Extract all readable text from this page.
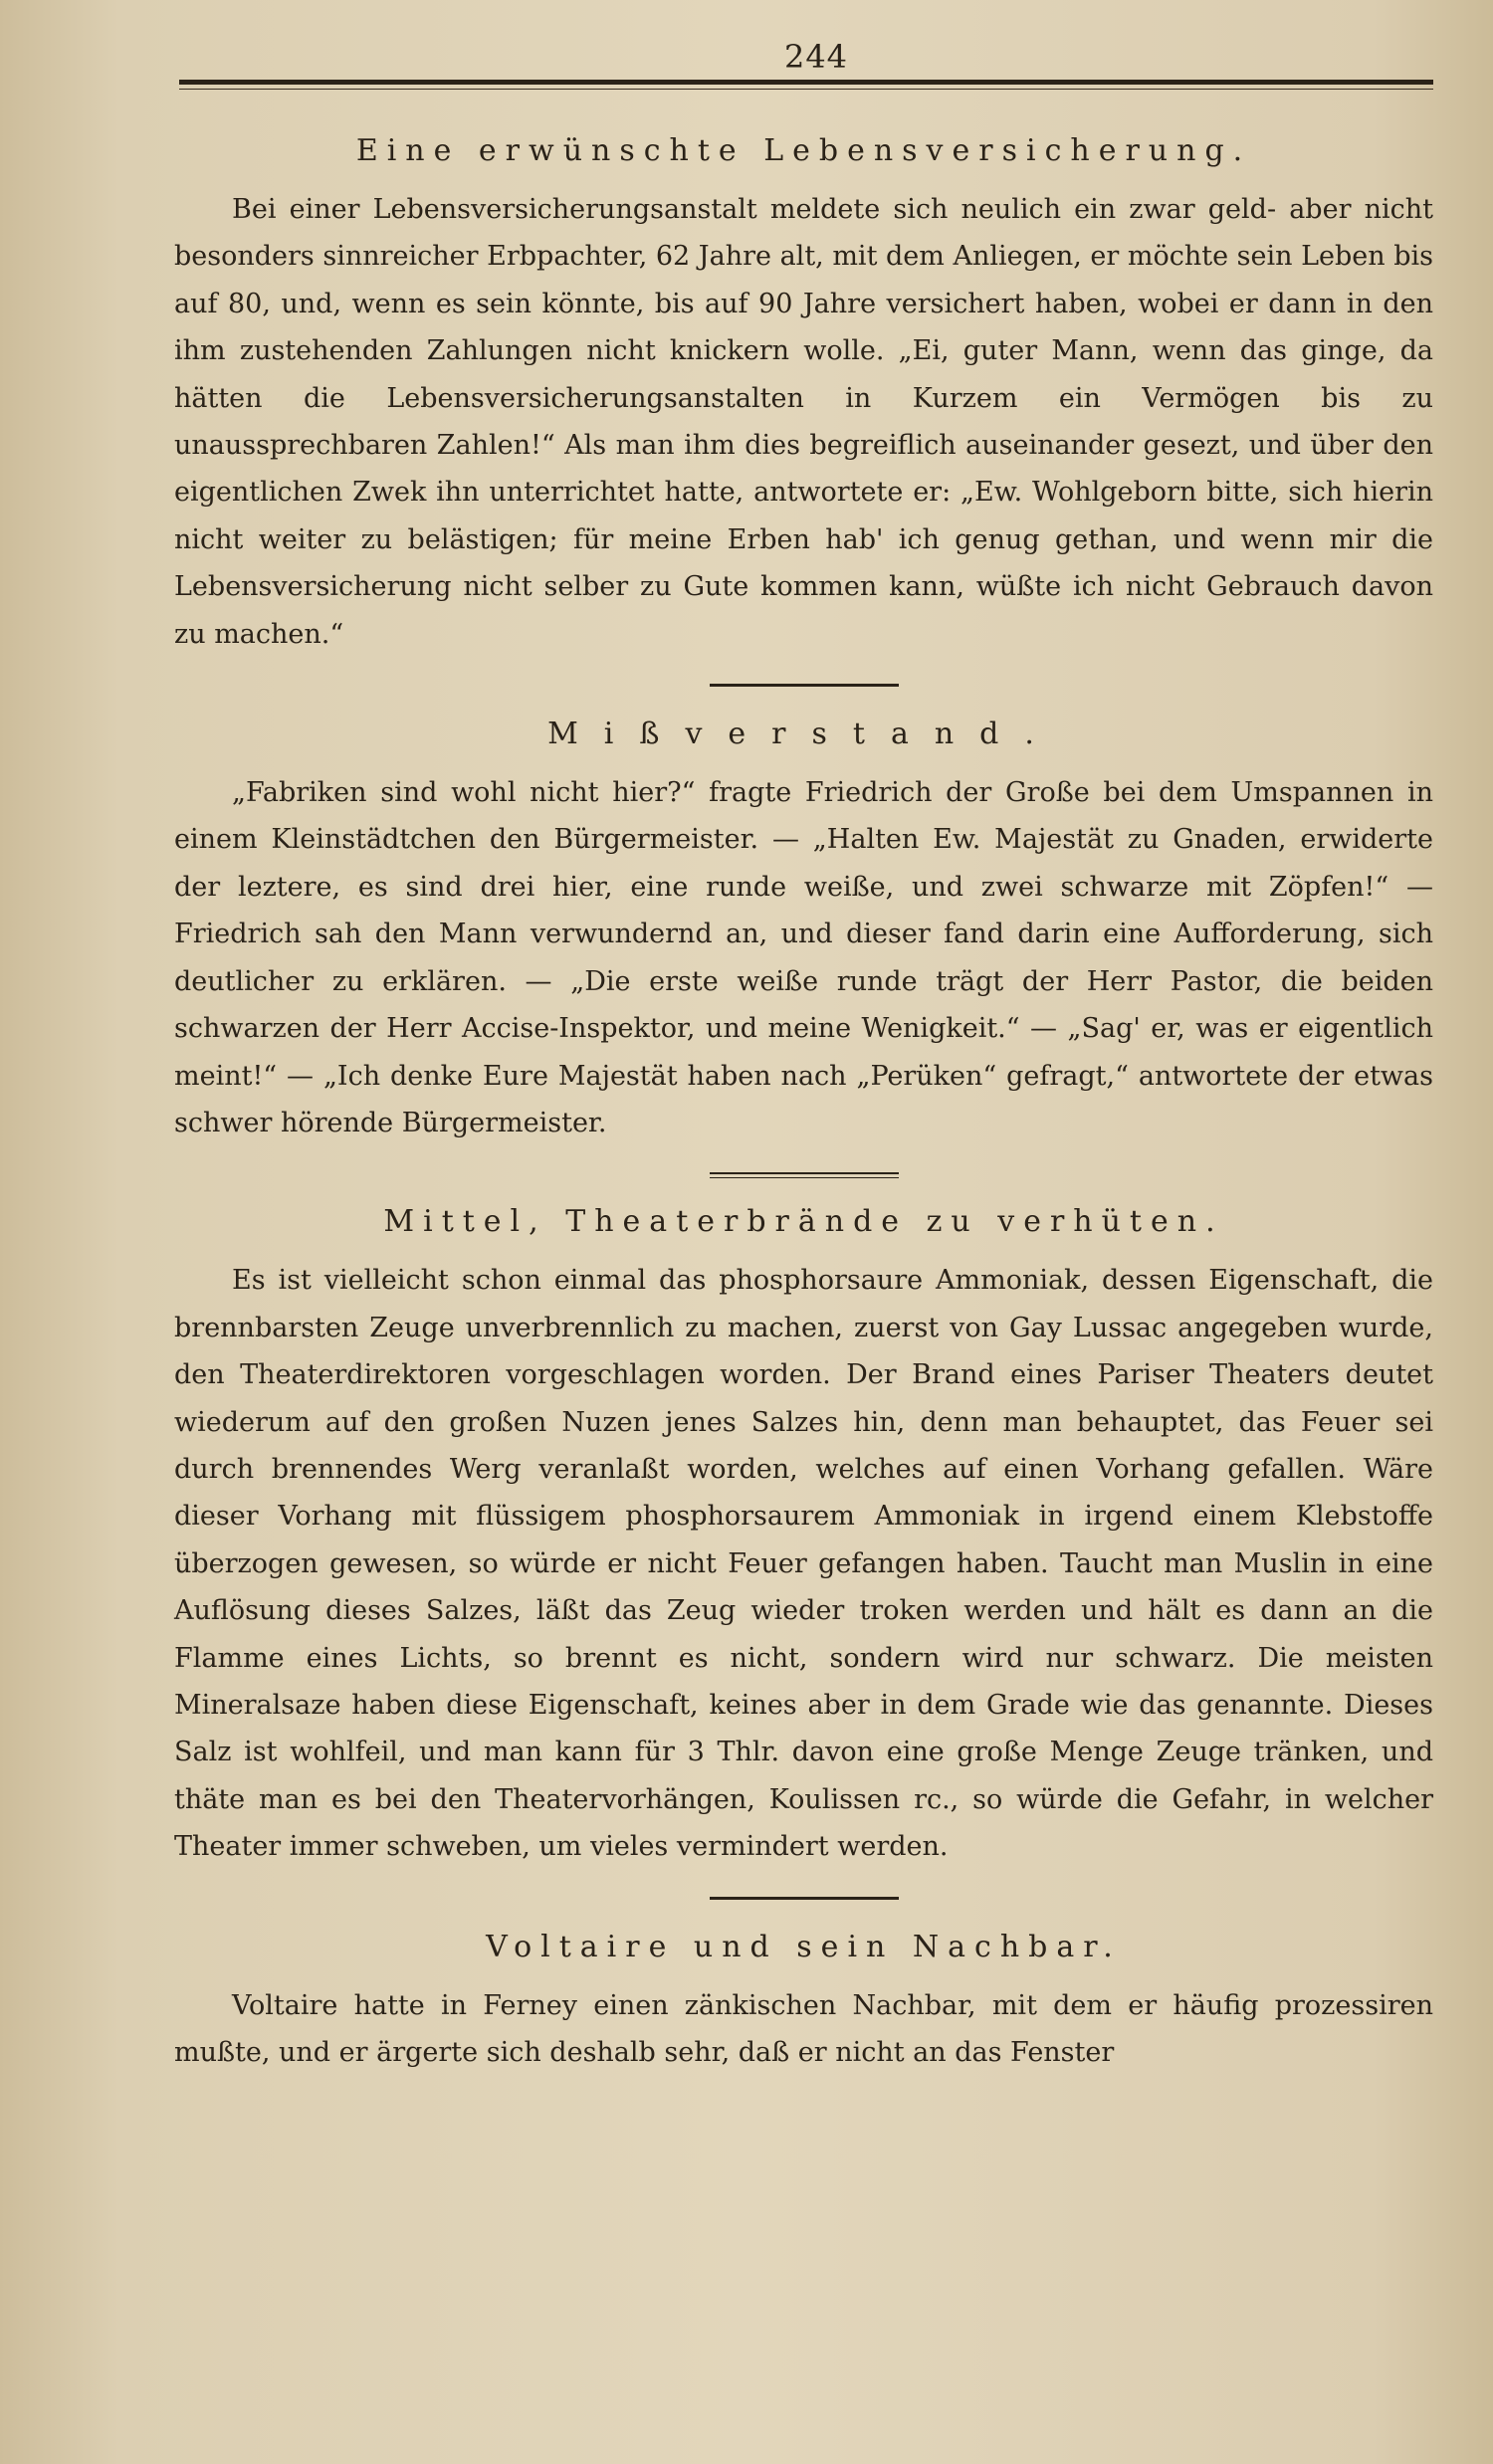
244
Eine erwünschte Lebensversicherung.

Bei einer Lebensversicherungsanstalt meldete sich neulich ein zwar geld- aber nicht besonders sinnreicher Erbpachter, 62 Jahre alt, mit dem Anliegen, er möchte sein Leben bis auf 80, und, wenn es sein könnte, bis auf 90 Jahre versichert haben, wobei er dann in den ihm zustehenden Zahlungen nicht knickern wolle. „Ei, guter Mann, wenn das ginge, da hätten die Lebensversicherungsanstalten in Kurzem ein Vermögen bis zu unaussprechbaren Zahlen!“ Als man ihm dies begreiflich auseinander gesezt, und über den eigentlichen Zwek ihn unterrichtet hatte, antwortete er: „Ew. Wohlgeborn bitte, sich hierin nicht weiter zu belästigen; für meine Erben hab' ich genug gethan, und wenn mir die Lebensversicherung nicht selber zu Gute kommen kann, wüßte ich nicht Gebrauch davon zu machen.“

Mißverstand.

„Fabriken sind wohl nicht hier?“ fragte Friedrich der Große bei dem Umspannen in einem Kleinstädtchen den Bürgermeister. — „Halten Ew. Majestät zu Gnaden, erwiderte der leztere, es sind drei hier, eine runde weiße, und zwei schwarze mit Zöpfen!“ — Friedrich sah den Mann verwundernd an, und dieser fand darin eine Aufforderung, sich deutlicher zu erklären. — „Die erste weiße runde trägt der Herr Pastor, die beiden schwarzen der Herr Accise-Inspektor, und meine Wenigkeit.“ — „Sag' er, was er eigentlich meint!“ — „Ich denke Eure Majestät haben nach „Perüken“ gefragt,“ antwortete der etwas schwer hörende Bürgermeister.

Mittel, Theaterbrände zu verhüten.

Es ist vielleicht schon einmal das phosphorsaure Ammoniak, dessen Eigenschaft, die brennbarsten Zeuge unverbrennlich zu machen, zuerst von Gay Lussac angegeben wurde, den Theaterdirektoren vorgeschlagen worden. Der Brand eines Pariser Theaters deutet wiederum auf den großen Nuzen jenes Salzes hin, denn man behauptet, das Feuer sei durch brennendes Werg veranlaßt worden, welches auf einen Vorhang gefallen. Wäre dieser Vorhang mit flüssigem phosphorsaurem Ammoniak in irgend einem Klebstoffe überzogen gewesen, so würde er nicht Feuer gefangen haben. Taucht man Muslin in eine Auflösung dieses Salzes, läßt das Zeug wieder troken werden und hält es dann an die Flamme eines Lichts, so brennt es nicht, sondern wird nur schwarz. Die meisten Mineralsaze haben diese Eigenschaft, keines aber in dem Grade wie das genannte. Dieses Salz ist wohlfeil, und man kann für 3 Thlr. davon eine große Menge Zeuge tränken, und thäte man es bei den Theatervorhängen, Koulissen rc., so würde die Gefahr, in welcher Theater immer schweben, um vieles vermindert werden.

Voltaire und sein Nachbar.

Voltaire hatte in Ferney einen zänkischen Nachbar, mit dem er häufig prozessiren mußte, und er ärgerte sich deshalb sehr, daß er nicht an das Fenster
